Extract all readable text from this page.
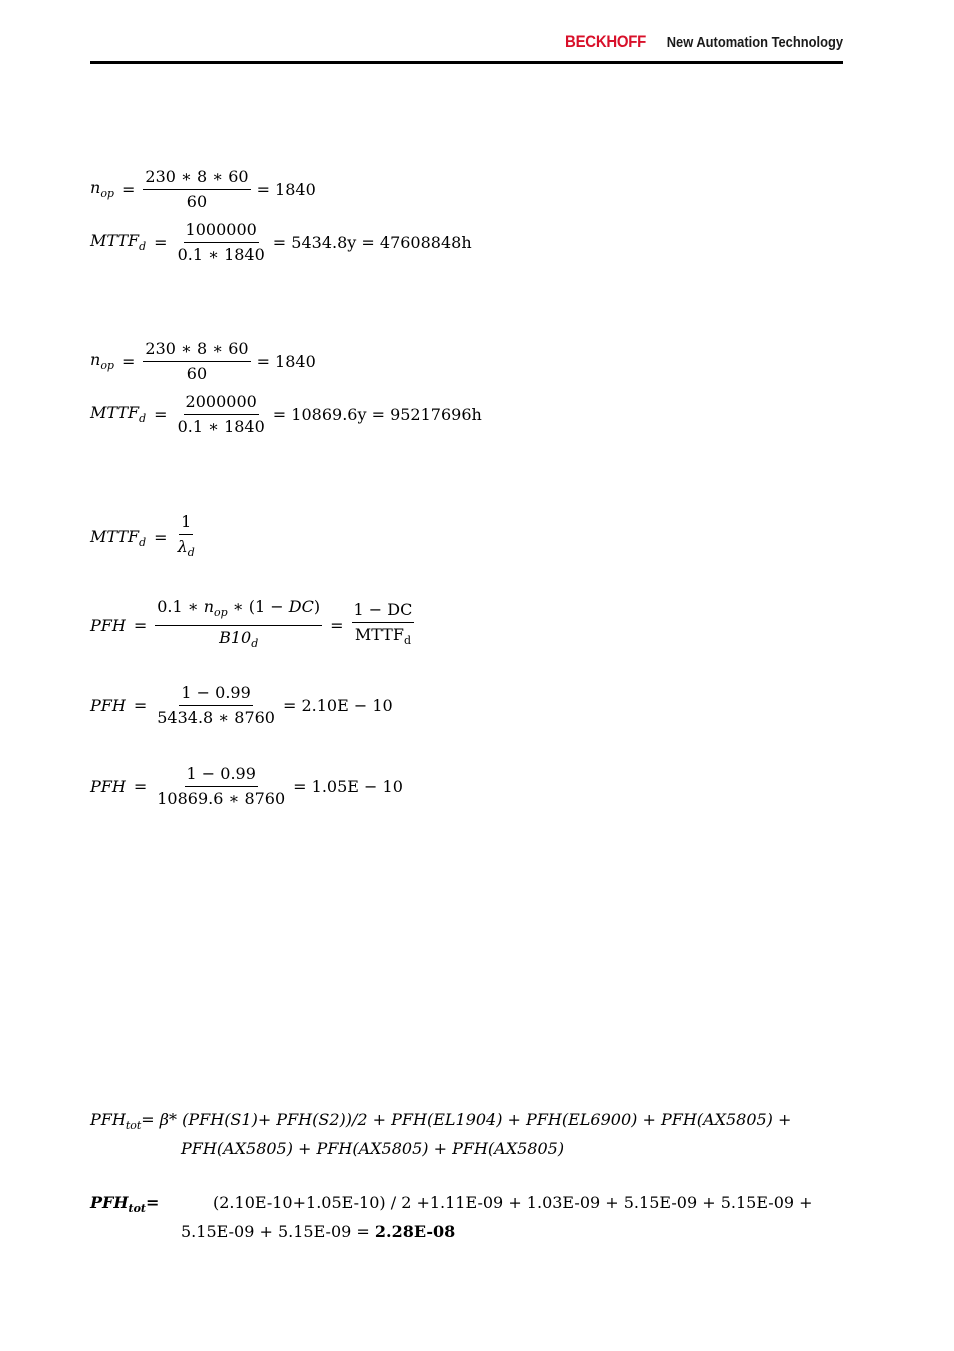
BECKHOFF New Automation Technology
$n_{op} = \frac{230 ∗ 8 ∗ 60}{60} = 1840$
$MTTF_d = \frac{1000000}{0.1 ∗ 1840} = 5434.8y = 47608848h$
$n_{op} = \frac{230 ∗ 8 ∗ 60}{60} = 1840$
$MTTF_d = \frac{2000000}{0.1 ∗ 1840} = 10869.6y = 95217696h$
$MTTF_d = \frac{1}{\lambda_d}$
PFH = $\frac{0.1 ∗ n_{op} ∗ (1 - DC)}{B10_d} = \frac{1 - DC}{MTTF_d}$
PFH = $\frac{1 - 0.99}{5434.8 ∗ 8760} = 2.10E - 10$
PFH = $\frac{1 - 0.99}{10869.6 ∗ 8760} = 1.05E - 10$
$PFH_{tot}= \beta*$ (PFH(S1)+ PFH(S2))/2 + PFH(EL1904) + PFH(EL6900) + PFH(AX5805) +
PFH(AX5805) + PFH(AX5805) + PFH(AX5805)
$PFH_{tot}=$	(2.10E-10+1.05E-10) / 2 +1.11E-09 + 1.03E-09 + 5.15E-09 + 5.15E-09 +
5.15E-09 + 5.15E-09 = 2.28E-08
